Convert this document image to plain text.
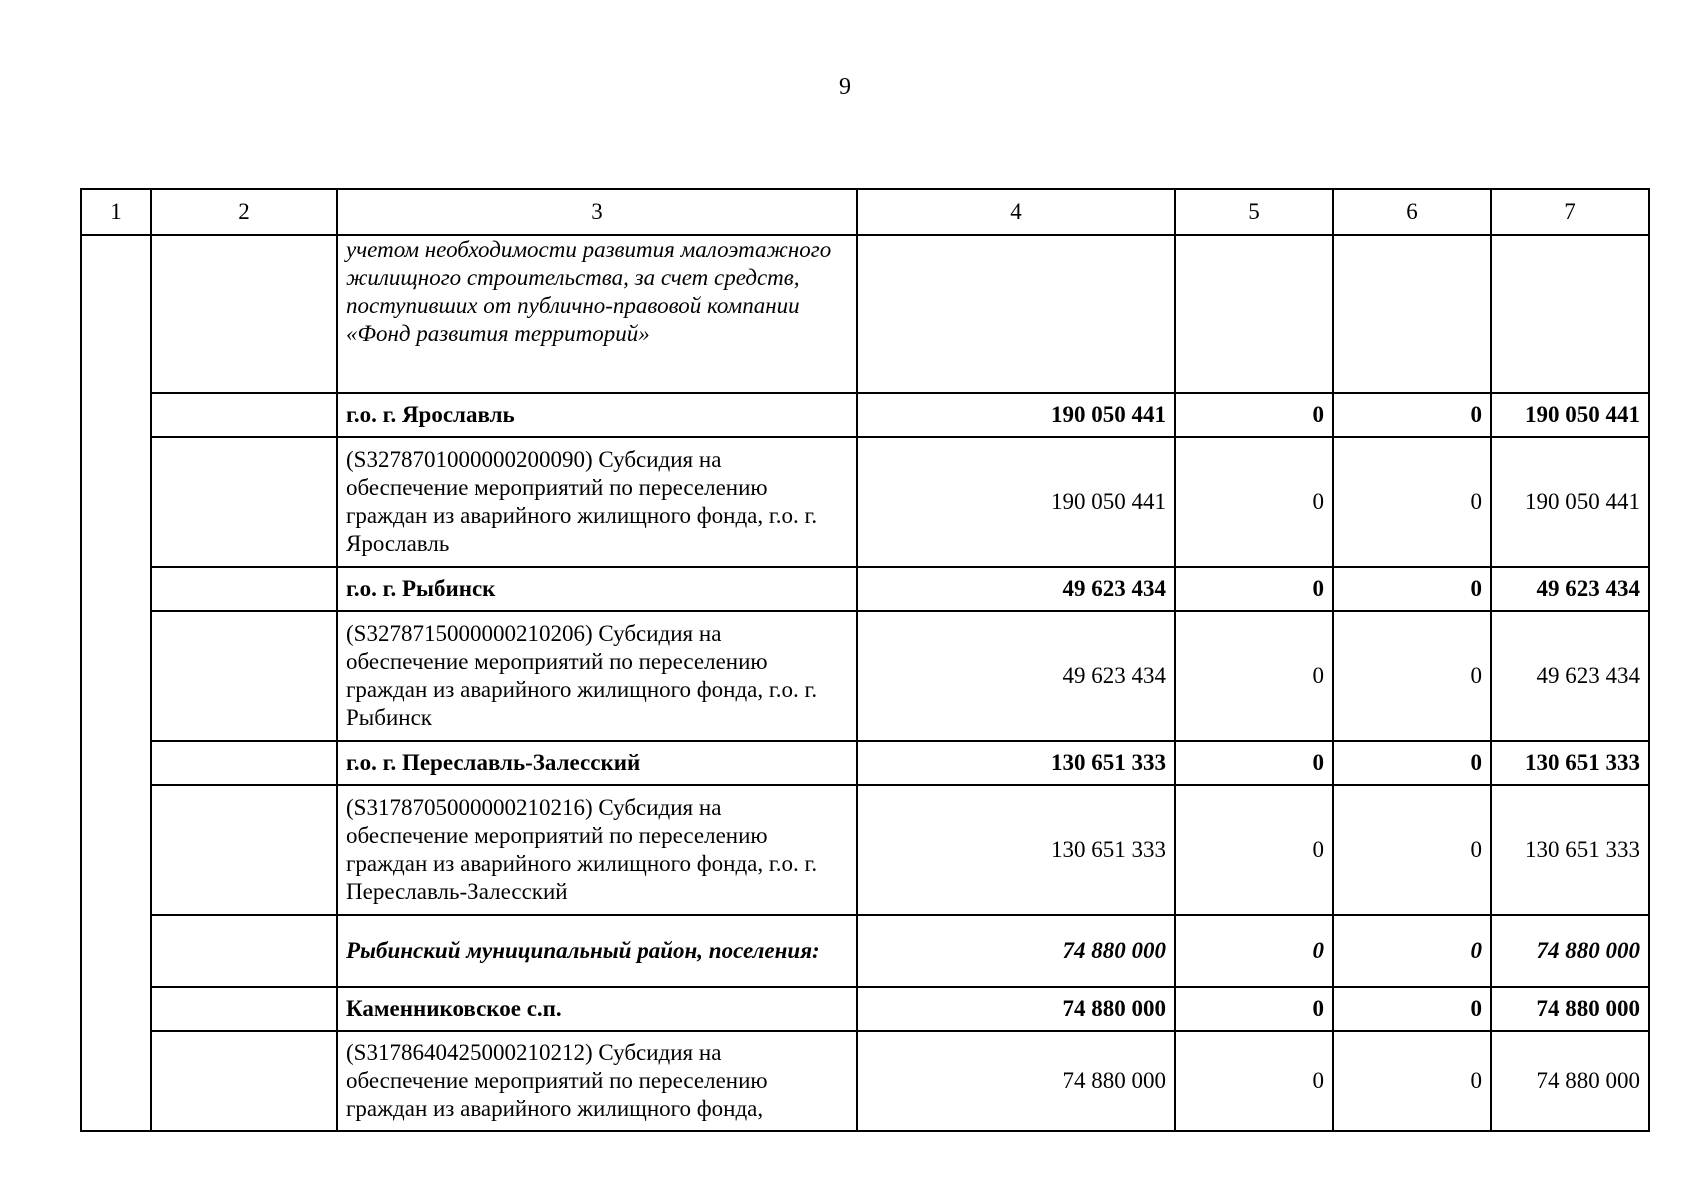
9
1	2	3	4	5	6	7
		учетом необходимости развития малоэтажного жилищного строительства, за счет средств, поступивших от публично-правовой компании «Фонд развития территорий»				
		г.о. г. Ярославль	190 050 441	0	0	190 050 441
		(S3278701000000200090) Субсидия на обеспечение мероприятий по переселению граждан из аварийного жилищного фонда, г.о. г. Ярославль	190 050 441	0	0	190 050 441
		г.о. г. Рыбинск	49 623 434	0	0	49 623 434
		(S3278715000000210206) Субсидия на обеспечение мероприятий по переселению граждан из аварийного жилищного фонда, г.о. г. Рыбинск	49 623 434	0	0	49 623 434
		г.о. г. Переславль-Залесский	130 651 333	0	0	130 651 333
		(S3178705000000210216) Субсидия на обеспечение мероприятий по переселению граждан из аварийного жилищного фонда, г.о. г. Переславль-Залесский	130 651 333	0	0	130 651 333
		Рыбинский муниципальный район, поселения:	74 880 000	0	0	74 880 000
		Каменниковское с.п.	74 880 000	0	0	74 880 000
		(S3178640425000210212) Субсидия на обеспечение мероприятий по переселению граждан из аварийного жилищного фонда,	74 880 000	0	0	74 880 000
